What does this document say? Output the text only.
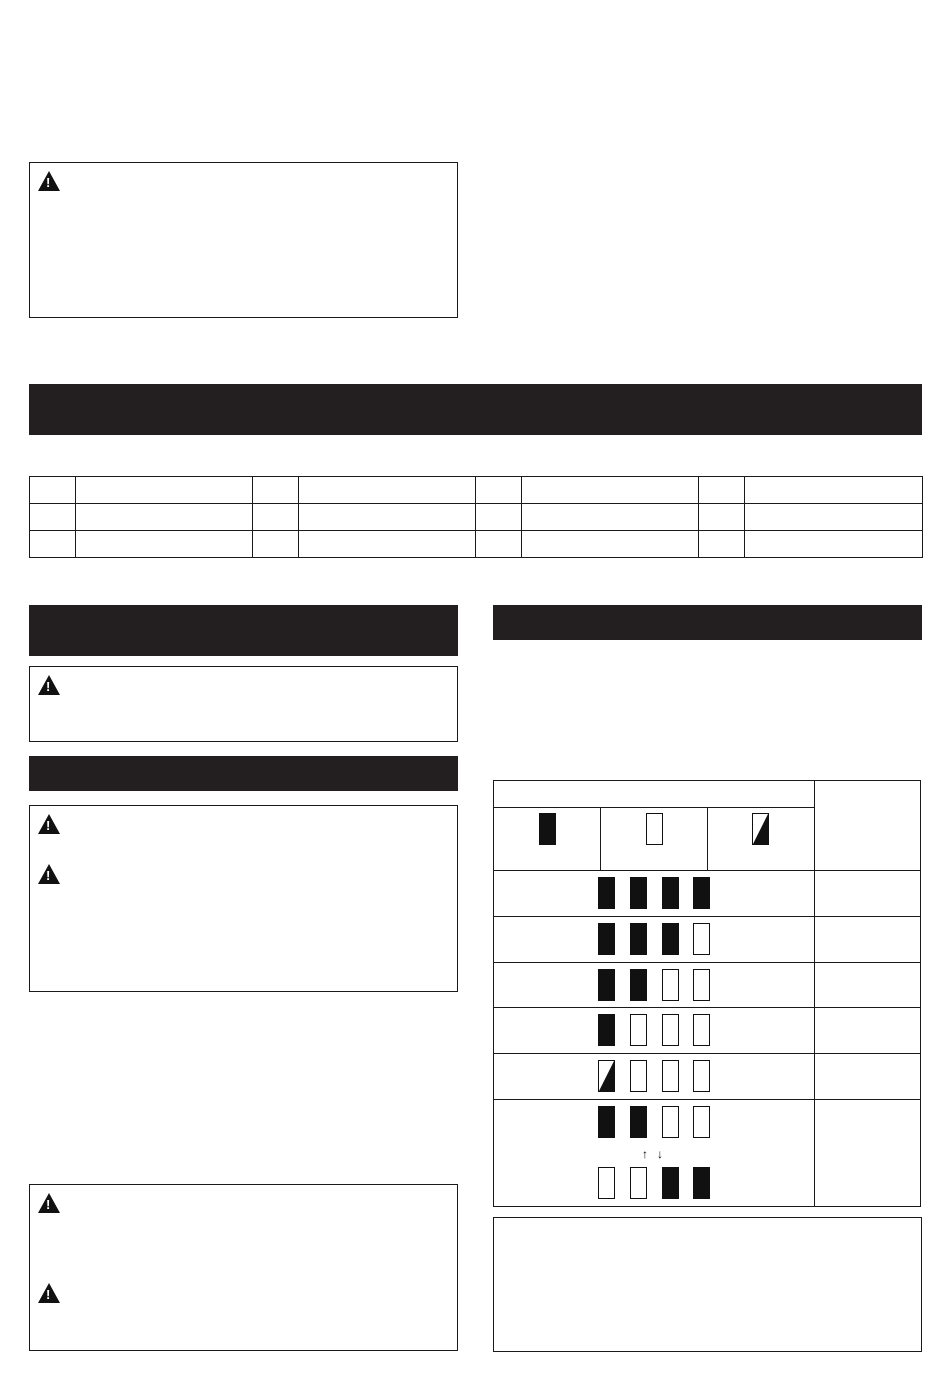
!

!
!
!
!
!
↑ ↓
